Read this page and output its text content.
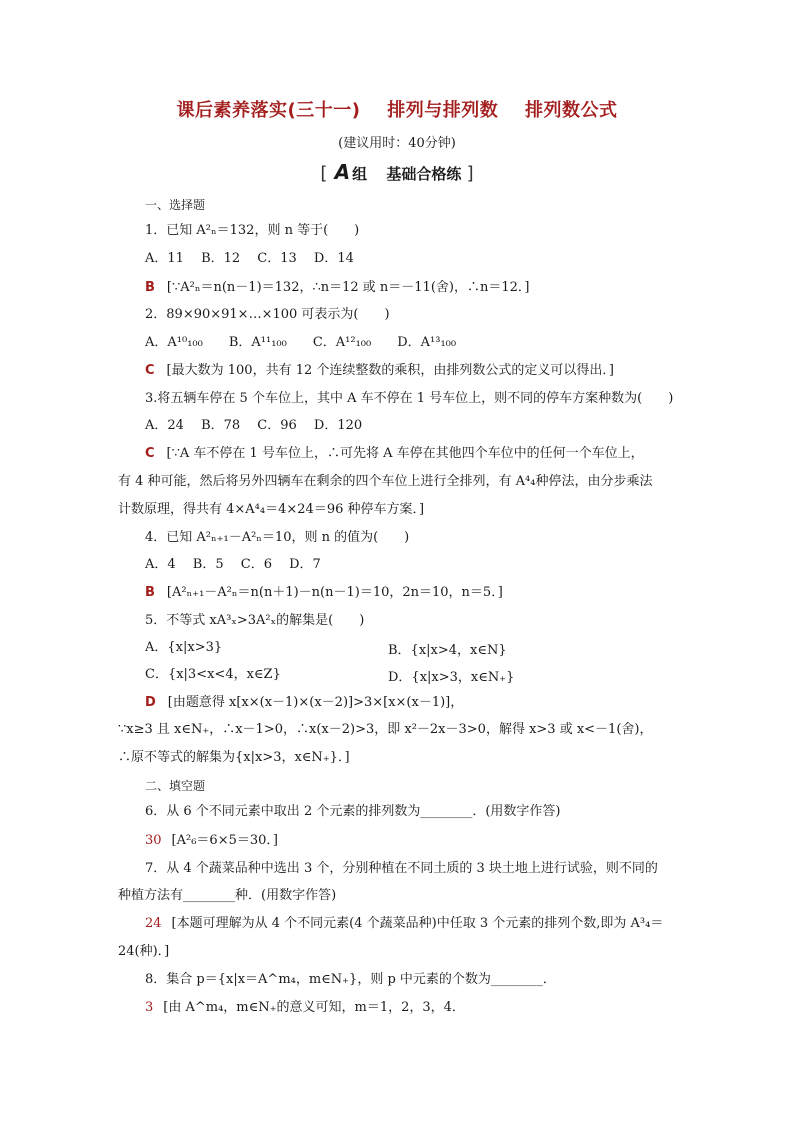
课后素养落实(三十一) 排列与排列数 排列数公式
(建议用时：40分钟)
[ A 组 基础合格练 ]
一、选择题
1．已知 A²ₙ＝132，则 n 等于(　　)
A．11　 B．12　 C．13　 D．14
B [∵A²ₙ＝n(n－1)＝132，∴n＝12 或 n＝－11(舍)，∴n＝12．]
2．89×90×91×…×100 可表示为(　　)
A．A¹⁰₁₀₀　　B．A¹¹₁₀₀　　C．A¹²₁₀₀　　D．A¹³₁₀₀
C [最大数为 100，共有 12 个连续整数的乘积，由排列数公式的定义可以得出．]
3.将五辆车停在 5 个车位上，其中 A 车不停在 1 号车位上，则不同的停车方案种数为(　　)
A．24　 B．78　 C．96　 D．120
C [∵A 车不停在 1 号车位上，∴可先将 A 车停在其他四个车位中的任何一个车位上，
有 4 种可能，然后将另外四辆车在剩余的四个车位上进行全排列，有 A⁴₄种停法，由分步乘法
计数原理，得共有 4×A⁴₄＝4×24＝96 种停车方案．]
4．已知 A²ₙ₊₁－A²ₙ＝10，则 n 的值为(　　)
A．4　 B．5　 C．6　 D．7
B [A²ₙ₊₁－A²ₙ＝n(n＋1)－n(n－1)＝10，2n＝10，n＝5．]
5．不等式 xA³ₓ>3A²ₓ的解集是(　　)
A．{x|x>3}	B．{x|x>4，x∈N}
C．{x|3<x<4，x∈Z}	D．{x|x>3，x∈N₊}
D [由题意得 x[x×(x－1)×(x－2)]>3×[x×(x－1)]，
∵x≥3 且 x∈N₊，∴x－1>0，∴x(x－2)>3，即 x²－2x－3>0，解得 x>3 或 x<－1(舍)，
∴原不等式的解集为{x|x>3，x∈N₊}．]
二、填空题
6．从 6 个不同元素中取出 2 个元素的排列数为________．(用数字作答)
30 [A²₆＝6×5＝30．]
7．从 4 个蔬菜品种中选出 3 个，分别种植在不同土质的 3 块土地上进行试验，则不同的
种植方法有________种．(用数字作答)
24 [本题可理解为从 4 个不同元素(4 个蔬菜品种)中任取 3 个元素的排列个数,即为 A³₄＝
24(种)．]
8．集合 p＝{x|x＝A^m₄，m∈N₊}，则 p 中元素的个数为________．
3 [由 A^m₄，m∈N₊的意义可知，m＝1，2，3，4．
